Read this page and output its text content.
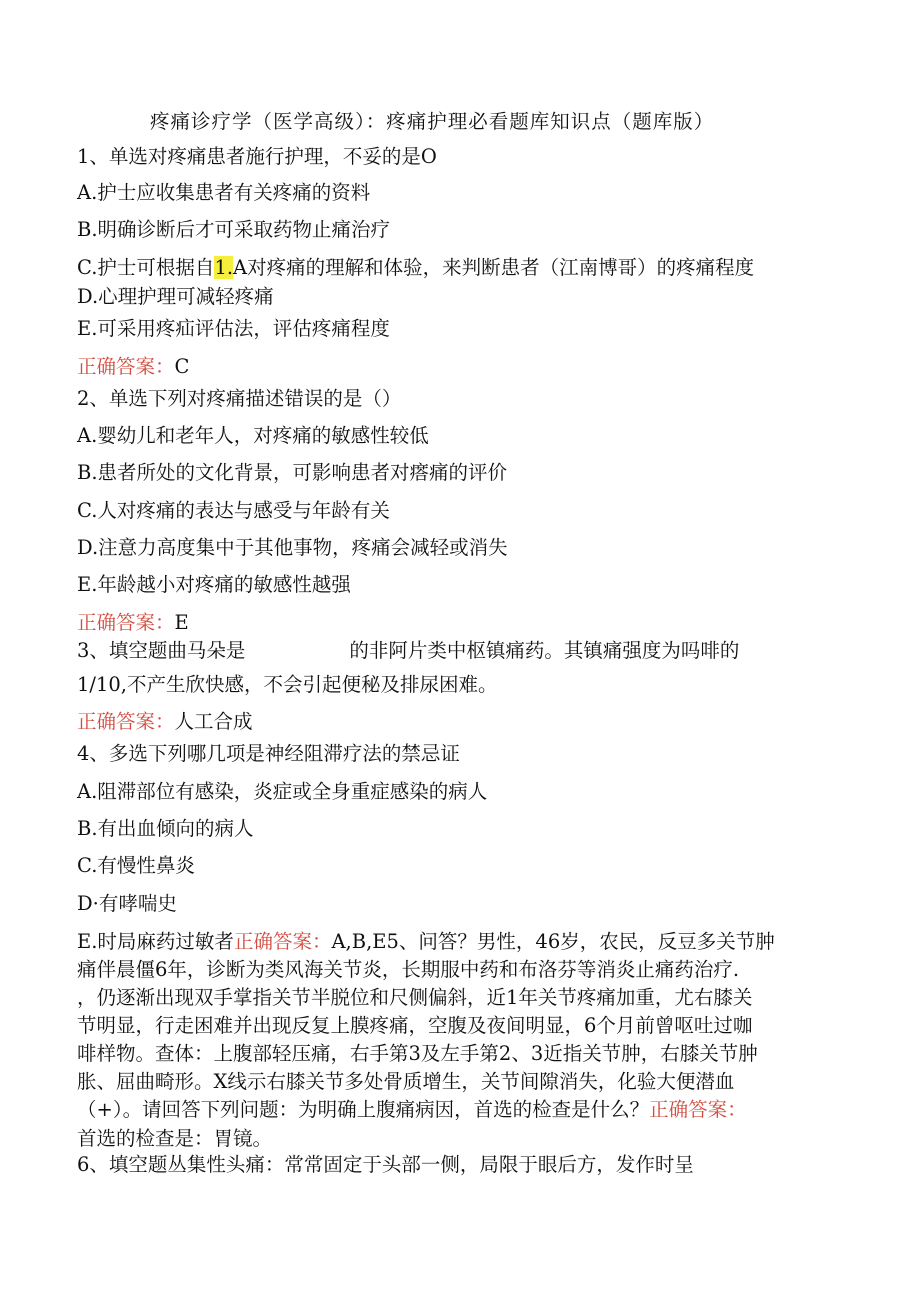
疼痛诊疗学（医学高级）：疼痛护理必看题库知识点（题库版）
1、单选对疼痛患者施行护理，不妥的是O
A.护士应收集患者有关疼痛的资料
B.明确诊断后才可采取药物止痛治疗
C.护士可根据自1.A对疼痛的理解和体验，来判断患者（江南博哥）的疼痛程度
D.心理护理可减轻疼痛
E.可采用疼疝评估法，评估疼痛程度
正确答案：C
2、单选下列对疼痛描述错误的是（）
A.婴幼儿和老年人，对疼痛的敏感性较低
B.患者所处的文化背景，可影响患者对瘩痛的评价
C.人对疼痛的表达与感受与年龄有关
D.注意力高度集中于其他事物，疼痛会减轻或消失
E.年龄越小对疼痛的敏感性越强
正确答案：E
3、填空题曲马朵是	的非阿片类中枢镇痛药。其镇痛强度为吗啡的
1/10,不产生欣快感，不会引起便秘及排尿困难。
正确答案：人工合成
4、多选下列哪几项是神经阻滞疗法的禁忌证
A.阻滞部位有感染，炎症或全身重症感染的病人
B.有出血倾向的病人
C.有慢性鼻炎
D·有哮喘史
E.时局麻药过敏者正确答案：A,B,E5、问答？男性，46岁，农民，反豆多关节肿
痛伴晨僵6年，诊断为类风海关节炎，长期服中药和布洛芬等消炎止痛药治疗.
，仍逐渐出现双手掌指关节半脱位和尺侧偏斜，近1年关节疼痛加重，尤右膝关
节明显，行走困难并出现反复上膜疼痛，空腹及夜间明显，6个月前曾呕吐过咖
啡样物。查体：上腹部轻压痛，右手第3及左手第2、3近指关节肿，右膝关节肿
胀、屈曲畸形。X线示右膝关节多处骨质增生，关节间隙消失，化验大便潜血
（+）。请回答下列问题：为明确上腹痛病因，首选的检查是什么？正确答案：
首选的检查是：胃镜。
6、填空题丛集性头痛：常常固定于头部一侧，局限于眼后方，发作时呈
